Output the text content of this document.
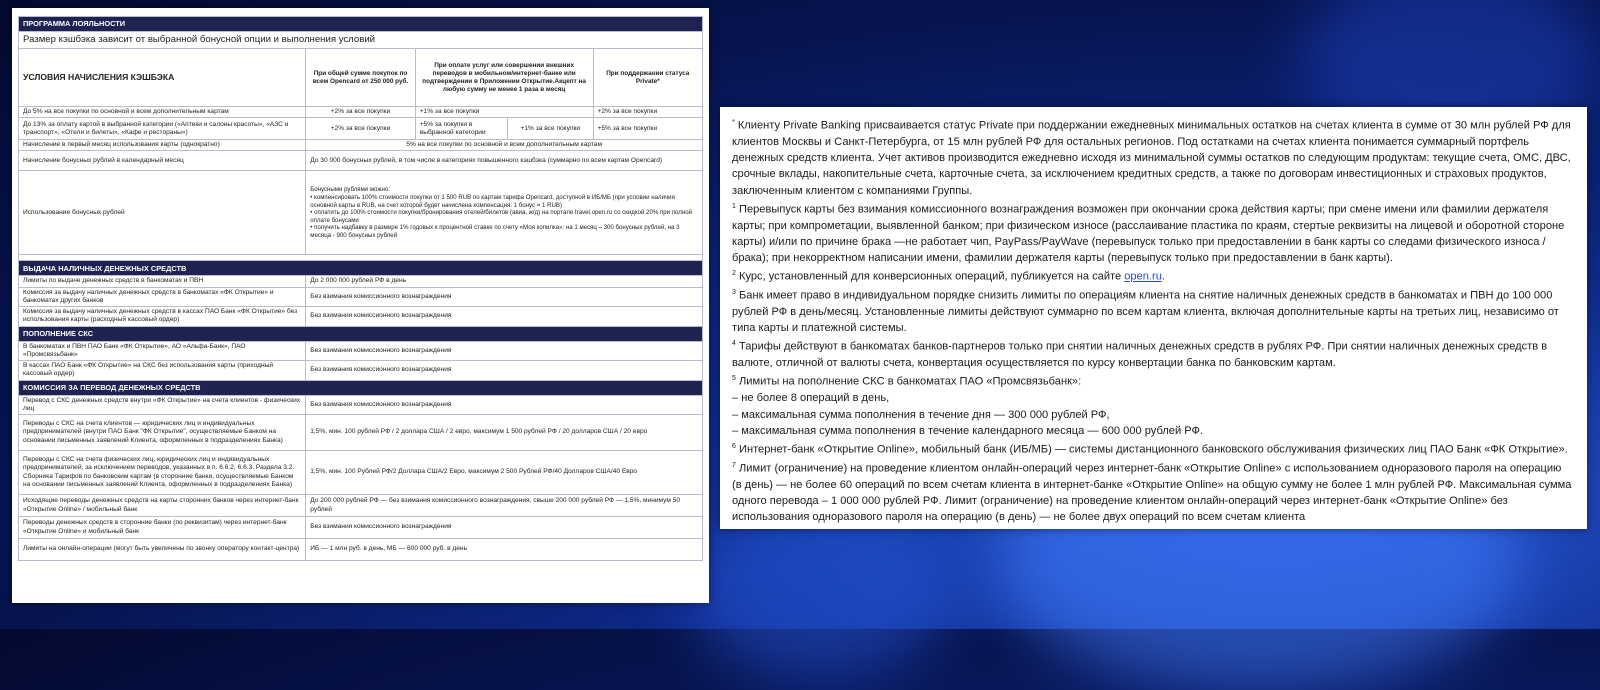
ПРОГРАММА ЛОЯЛЬНОСТИ				
Размер кэшбэка зависит от выбранной бонусной опции и выполнения условий				
УСЛОВИЯ НАЧИСЛЕНИЯ КЭШБЭКА	При общей сумме покупок по всем Opencard от 250 000 руб.	При оплате услуг или совершении внешних переводов в мобильном/интернет-банке или подтверждении в Приложении Открытие.Акцепт на любую сумму не менее 1 раза в месяц		При поддержании статуса Private*
До 5% на все покупки по основной и всем дополнительным картам	+2% за все покупки	+1% за все покупки		+2% за все покупки
До 13% за оплату картой в выбранной категории («Аптеки и салоны красоты», «АЗС и транспорт», «Отели и билеты», «Кафе и рестораны»)	+2% за все покупки	+5% за покупки в выбранной категории	+1% за все покупки	+5% за все покупки
Начисление в первый месяц использования карты (однократно)	5% на все покупки по основной и всем дополнительным картам			
Начисление бонусных рублей в календарный месяц	До 30 000 бонусных рублей, в том числе в категориях повышенного кэшбэка (суммарно по всем картам Opencard)			
Использование бонусных рублей	Бонусными рублями можно:
• компенсировать 100% стоимости покупки от 1 500 RUB по картам тарифа Opencard, доступной в ИБ/МБ (при условии наличия основной карты в RUB, на счет которой будет начислена компенсация: 1 бонус = 1 RUB)
• оплатить до 100% стоимости покупки/бронирования отелей/билетов (авиа, ж/д) на портале travel.open.ru со скидкой 20% при полной оплате бонусами
• получить надбавку в размере 1% годовых к процентной ставке по счету «Моя копилка»: на 1 месяц – 300 бонусных рублей, на 3 месяца - 900 бонусных рублей			

ВЫДАЧА НАЛИЧНЫХ ДЕНЕЖНЫХ СРЕДСТВ				
Лимиты по выдаче денежных средств в банкоматах и ПВН	До 2 000 000 рублей РФ в день			
Комиссия за выдачу наличных денежных средств в банкоматах «ФК Открытие» и банкоматах других банков	Без взимания комиссионного вознаграждения			
Комиссия за выдачу наличных денежных средств в кассах ПАО Банк «ФК Открытие» без использования карты (расходный кассовый ордер)	Без взимания комиссионного вознаграждения			
ПОПОЛНЕНИЕ СКС				
В банкоматах и ПВН ПАО Банк «ФК Открытие», АО «Альфа-Банк», ПАО «Промсвязьбанк»	Без взимания комиссионного вознаграждения			
В кассах ПАО Банк «ФК Открытие» на СКС без использования карты (приходный кассовый ордер)	Без взимания комиссионного вознаграждения			
КОМИССИЯ ЗА ПЕРЕВОД ДЕНЕЖНЫХ СРЕДСТВ				
Перевод с СКС денежных средств внутри «ФК Открытие» на счета клиентов - физических лиц	Без взимания комиссионного вознаграждения			
Переводы с СКС на счета клиентов — юридических лиц и индивидуальных предпринимателей (внутри ПАО Банк "ФК Открытие", осуществляемые Банком на основании письменных заявлений Клиента, оформленных в подразделениях Банка)	1,5%, мин. 100 рублей РФ / 2 доллара США / 2 евро, максимум 1 500 рублей РФ / 20 долларов США / 20 евро			
Переводы с СКС на счета физических лиц, юридических лиц и индивидуальных предпринимателей, за исключением переводов, указанных в п. 6.6.2, 6.6.3. Раздела 3.2. Сборника Тарифов по банковским картам (в сторонние банки, осуществляемые Банком на основании письменных заявлений Клиента, оформленных в подразделениях Банка)	1,5%, мин. 100 Рублей РФ/2 Доллара США/2 Евро, максимум 2 500 Рублей РФ/40 Долларов США/40 Евро			
Исходящие переводы денежных средств на карты сторонних банков через интернет-банк «Открытие Online» / мобильный банк	До 200 000 рублей РФ — без взимания комиссионного вознаграждения, свыше 200 000 рублей РФ — 1,5%, минимум 50 рублей			
Переводы денежных средств в сторонние банки (по реквизитам) через интернет-банк «Открытие Online» и мобильный банк	Без взимания комиссионного вознаграждения			
Лимиты на онлайн-операции (могут быть увеличены по звонку оператору контакт-центра)	ИБ — 1 млн руб. в день, МБ — 600 000 руб. в день			

* Клиенту Private Banking присваивается статус Private при поддержании ежедневных минимальных остатков на счетах клиента в сумме от 30 млн рублей РФ для клиентов Москвы и Санкт-Петербурга, от 15 млн рублей РФ для остальных регионов. Под остатками на счетах клиента понимается суммарный портфель денежных средств клиента. Учет активов производится ежедневно исходя из минимальной суммы остатков по следующим продуктам: текущие счета, ОМС, ДВС, срочные вклады, накопительные счета, карточные счета, за исключением кредитных средств, а также по договорам инвестиционных и страховых продуктов, заключенным клиентом с компаниями Группы.

$^1$ Перевыпуск карты без взимания комиссионного вознаграждения возможен при окончании срока действия карты; при смене имени или фамилии держателя карты; при компрометации, выявленной банком; при физическом износе (расслаивание пластика по краям, стертые реквизиты на лицевой и оборотной стороне карты) и/или по причине брака —не работает чип, PayPass/PayWave (перевыпуск только при предоставлении в банк карты со следами физического износа / брака); при некорректном написании имени, фамилии держателя карты (перевыпуск только при предоставлении в банк карты).

$^2$ Курс, установленный для конверсионных операций, публикуется на сайте open.ru.

$^3$ Банк имеет право в индивидуальном порядке снизить лимиты по операциям клиента на снятие наличных денежных средств в банкоматах и ПВН до 100 000 рублей РФ в день/месяц. Установленные лимиты действуют суммарно по всем картам клиента, включая дополнительные карты на третьих лиц, независимо от типа карты и платежной системы.

$^4$ Тарифы действуют в банкоматах банков-партнеров только при снятии наличных денежных средств в рублях РФ. При снятии наличных денежных средств в валюте, отличной от валюты счета, конвертация осуществляется по курсу конвертации банка по банковским картам.

$^5$ Лимиты на пополнение СКС в банкоматах ПАО «Промсвязьбанк»:
– не более 8 операций в день,
– максимальная сумма пополнения в течение дня — 300 000 рублей РФ,
– максимальная сумма пополнения в течение календарного месяца — 600 000 рублей РФ.

$^6$ Интернет-банк «Открытие Online», мобильный банк (ИБ/МБ) — системы дистанционного банковского обслуживания физических лиц ПАО Банк «ФК Открытие».

$^7$ Лимит (ограничение) на проведение клиентом онлайн-операций через интернет-банк «Открытие Online» с использованием одноразового пароля на операцию (в день) — не более 60 операций по всем счетам клиента в интернет-банке «Открытие Online» на общую сумму не более 1 млн рублей РФ. Максимальная сумма одного перевода – 1 000 000 рублей РФ. Лимит (ограничение) на проведение клиентом онлайн-операций через интернет-банк «Открытие Online» без использования одноразового пароля на операцию (в день) — не более двух операций по всем счетам клиента
